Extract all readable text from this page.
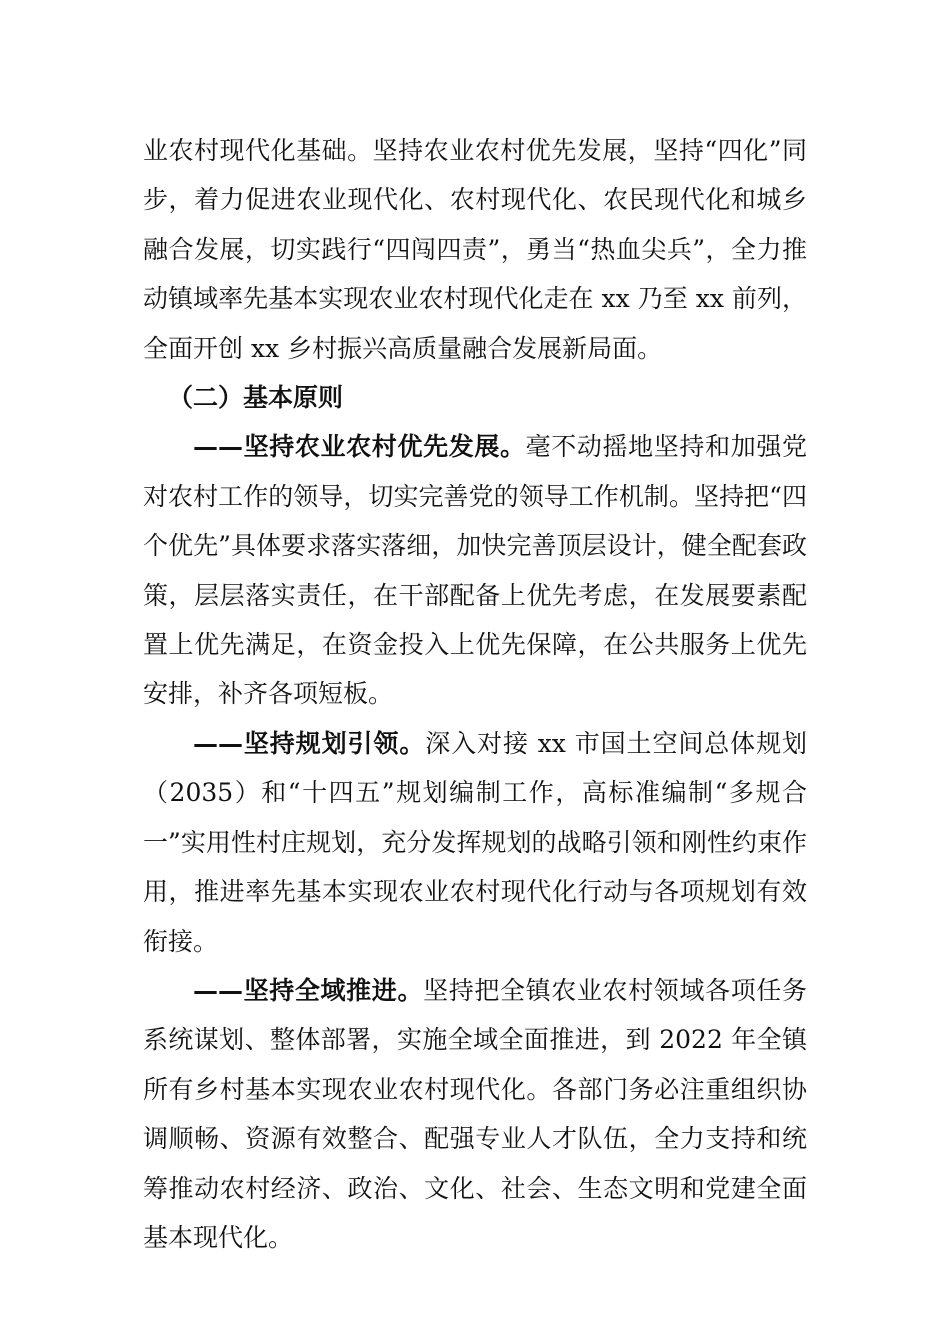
业农村现代化基础。坚持农业农村优先发展，坚持“四化”同步，着力促进农业现代化、农村现代化、农民现代化和城乡融合发展，切实践行“四闯四责”，勇当“热血尖兵”，全力推动镇域率先基本实现农业农村现代化走在 xx 乃至 xx 前列，全面开创 xx 乡村振兴高质量融合发展新局面。

（二）基本原则

——坚持农业农村优先发展。毫不动摇地坚持和加强党对农村工作的领导，切实完善党的领导工作机制。坚持把“四个优先”具体要求落实落细，加快完善顶层设计，健全配套政策，层层落实责任，在干部配备上优先考虑，在发展要素配置上优先满足，在资金投入上优先保障，在公共服务上优先安排，补齐各项短板。

——坚持规划引领。深入对接 xx 市国土空间总体规划（2035）和“十四五”规划编制工作，高标准编制“多规合一”实用性村庄规划，充分发挥规划的战略引领和刚性约束作用，推进率先基本实现农业农村现代化行动与各项规划有效衔接。

——坚持全域推进。坚持把全镇农业农村领域各项任务系统谋划、整体部署，实施全域全面推进，到 2022 年全镇所有乡村基本实现农业农村现代化。各部门务必注重组织协调顺畅、资源有效整合、配强专业人才队伍，全力支持和统筹推动农村经济、政治、文化、社会、生态文明和党建全面基本现代化。
